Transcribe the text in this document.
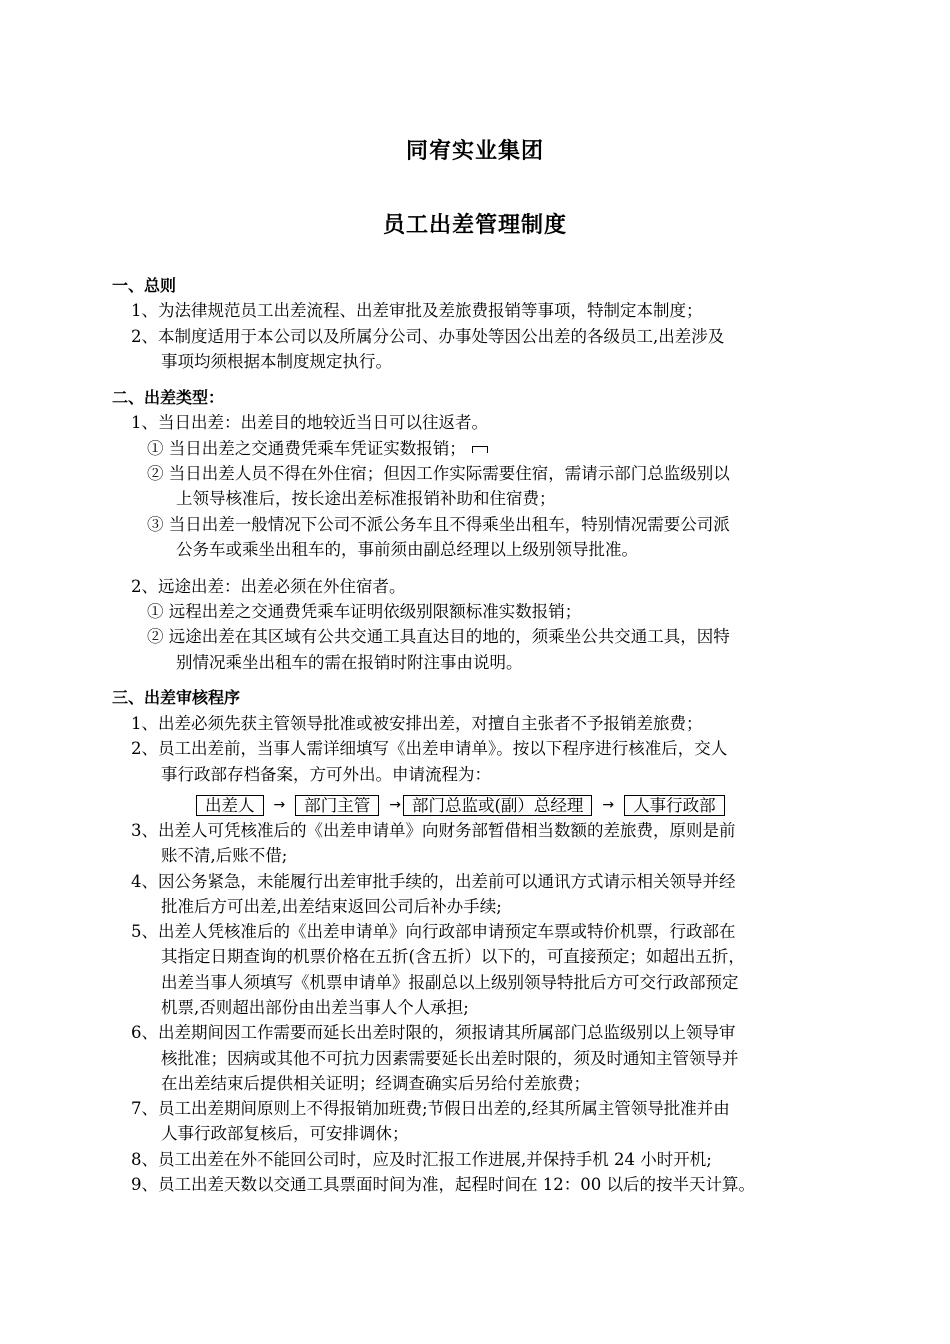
同宥实业集团
员工出差管理制度
一、总则
1、为法律规范员工出差流程、出差审批及差旅费报销等事项，特制定本制度；
2、本制度适用于本公司以及所属分公司、办事处等因公出差的各级员工,出差涉及
事项均须根据本制度规定执行。
二、出差类型：
1、当日出差：出差目的地较近当日可以往返者。
① 当日出差之交通费凭乘车凭证实数报销；
② 当日出差人员不得在外住宿；但因工作实际需要住宿，需请示部门总监级别以
上领导核准后，按长途出差标准报销补助和住宿费；
③ 当日出差一般情况下公司不派公务车且不得乘坐出租车，特别情况需要公司派
公务车或乘坐出租车的，事前须由副总经理以上级别领导批准。
2、远途出差：出差必须在外住宿者。
① 远程出差之交通费凭乘车证明依级别限额标准实数报销；
② 远途出差在其区域有公共交通工具直达目的地的，须乘坐公共交通工具，因特
别情况乘坐出租车的需在报销时附注事由说明。
三、出差审核程序
1、出差必须先获主管领导批准或被安排出差，对擅自主张者不予报销差旅费；
2、员工出差前，当事人需详细填写《出差申请单》。按以下程序进行核准后，交人
事行政部存档备案，方可外出。申请流程为：
出差人	→	部门主管	→ 部门总监或(副）总经理	→	人事行政部
3、出差人可凭核准后的《出差申请单》向财务部暂借相当数额的差旅费，原则是前
账不清,后账不借;
4、因公务紧急，未能履行出差审批手续的，出差前可以通讯方式请示相关领导并经
批准后方可出差,出差结束返回公司后补办手续;
5、出差人凭核准后的《出差申请单》向行政部申请预定车票或特价机票，行政部在
其指定日期查询的机票价格在五折(含五折）以下的，可直接预定；如超出五折，
出差当事人须填写《机票申请单》报副总以上级别领导特批后方可交行政部预定
机票,否则超出部份由出差当事人个人承担;
6、出差期间因工作需要而延长出差时限的，须报请其所属部门总监级别以上领导审
核批准；因病或其他不可抗力因素需要延长出差时限的，须及时通知主管领导并
在出差结束后提供相关证明；经调查确实后另给付差旅费；
7、员工出差期间原则上不得报销加班费;节假日出差的,经其所属主管领导批准并由
人事行政部复核后，可安排调休；
8、员工出差在外不能回公司时，应及时汇报工作进展,并保持手机 24 小时开机;
9、员工出差天数以交通工具票面时间为准，起程时间在 12：00 以后的按半天计算。
